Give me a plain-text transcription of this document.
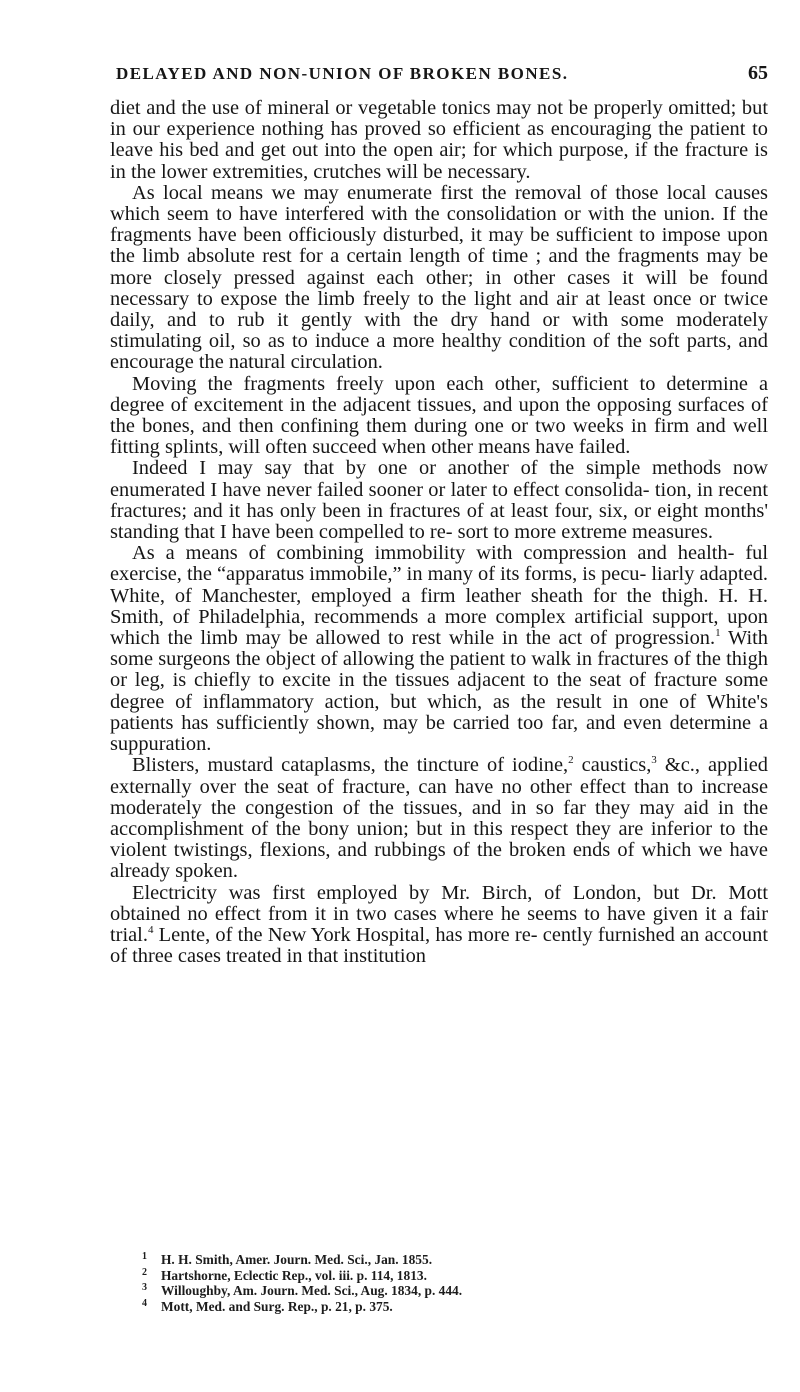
DELAYED AND NON-UNION OF BROKEN BONES.	65

diet and the use of mineral or vegetable tonics may not be properly omitted; but in our experience nothing has proved so efficient as encouraging the patient to leave his bed and get out into the open air; for which purpose, if the fracture is in the lower extremities, crutches will be necessary.

As local means we may enumerate first the removal of those local causes which seem to have interfered with the consolidation or with the union. If the fragments have been officiously disturbed, it may be sufficient to impose upon the limb absolute rest for a certain length of time ; and the fragments may be more closely pressed against each other; in other cases it will be found necessary to expose the limb freely to the light and air at least once or twice daily, and to rub it gently with the dry hand or with some moderately stimulating oil, so as to induce a more healthy condition of the soft parts, and encourage the natural circulation.

Moving the fragments freely upon each other, sufficient to determine a degree of excitement in the adjacent tissues, and upon the opposing surfaces of the bones, and then confining them during one or two weeks in firm and well fitting splints, will often succeed when other means have failed.

Indeed I may say that by one or another of the simple methods now enumerated I have never failed sooner or later to effect consolida- tion, in recent fractures; and it has only been in fractures of at least four, six, or eight months' standing that I have been compelled to re- sort to more extreme measures.

As a means of combining immobility with compression and health- ful exercise, the “apparatus immobile,” in many of its forms, is pecu- liarly adapted. White, of Manchester, employed a firm leather sheath for the thigh. H. H. Smith, of Philadelphia, recommends a more complex artificial support, upon which the limb may be allowed to rest while in the act of progression.$^1$ With some surgeons the object of allowing the patient to walk in fractures of the thigh or leg, is chiefly to excite in the tissues adjacent to the seat of fracture some degree of inflammatory action, but which, as the result in one of White's patients has sufficiently shown, may be carried too far, and even determine a suppuration.

Blisters, mustard cataplasms, the tincture of iodine,$^2$ caustics,$^3$ &c., applied externally over the seat of fracture, can have no other effect than to increase moderately the congestion of the tissues, and in so far they may aid in the accomplishment of the bony union; but in this respect they are inferior to the violent twistings, flexions, and rubbings of the broken ends of which we have already spoken.

Electricity was first employed by Mr. Birch, of London, but Dr. Mott obtained no effect from it in two cases where he seems to have given it a fair trial.$^4$ Lente, of the New York Hospital, has more re- cently furnished an account of three cases treated in that institution

1 H. H. Smith, Amer. Journ. Med. Sci., Jan. 1855.
2 Hartshorne, Eclectic Rep., vol. iii. p. 114, 1813.
3 Willoughby, Am. Journ. Med. Sci., Aug. 1834, p. 444.
4 Mott, Med. and Surg. Rep., p. 21, p. 375.
